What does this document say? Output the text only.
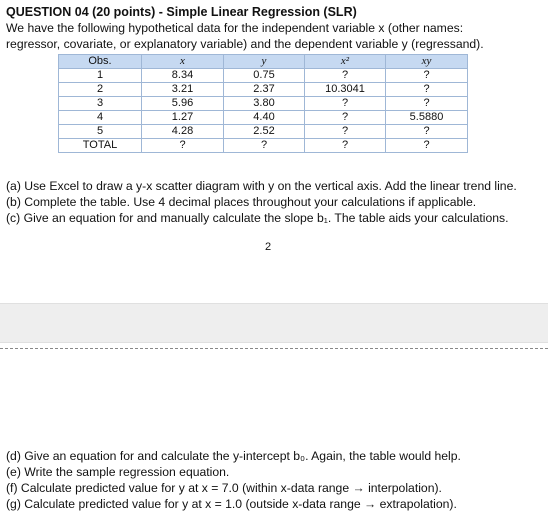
QUESTION 04 (20 points) - Simple Linear Regression (SLR)
We have the following hypothetical data for the independent variable x (other names:
regressor, covariate, or explanatory variable) and the dependent variable y (regressand).
Obs.	x	y	x²	xy
1	8.34	0.75	?	?
2	3.21	2.37	10.3041	?
3	5.96	3.80	?	?
4	1.27	4.40	?	5.5880
5	4.28	2.52	?	?
TOTAL	?	?	?	?
(a) Use Excel to draw a y-x scatter diagram with y on the vertical axis. Add the linear trend line.
(b) Complete the table. Use 4 decimal places throughout your calculations if applicable.
(c) Give an equation for and manually calculate the slope b₁. The table aids your calculations.
2
(d) Give an equation for and calculate the y-intercept b₀. Again, the table would help.
(e) Write the sample regression equation.
(f) Calculate predicted value for y at x = 7.0 (within x-data range → interpolation).
(g) Calculate predicted value for y at x = 1.0 (outside x-data range → extrapolation).
